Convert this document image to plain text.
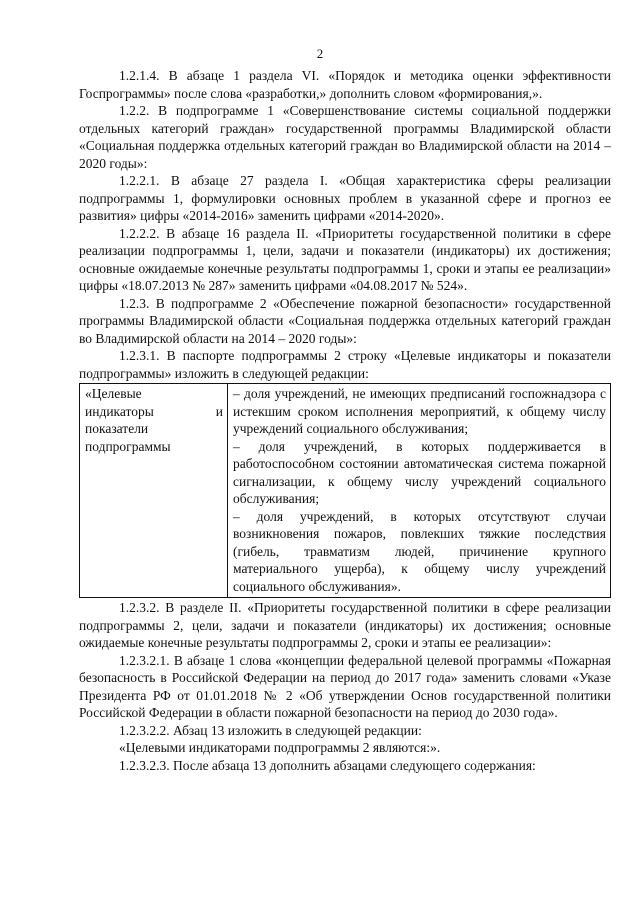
2

1.2.1.4. В абзаце 1 раздела VI. «Порядок и методика оценки эффективности Госпрограммы» после слова «разработки,» дополнить словом «формирования,».

1.2.2. В подпрограмме 1 «Совершенствование системы социальной поддержки отдельных категорий граждан» государственной программы Владимирской области «Социальная поддержка отдельных категорий граждан во Владимирской области на 2014 – 2020 годы»:

1.2.2.1. В абзаце 27 раздела I. «Общая характеристика сферы реализации подпрограммы 1, формулировки основных проблем в указанной сфере и прогноз ее развития» цифры «2014-2016» заменить цифрами «2014-2020».

1.2.2.2. В абзаце 16 раздела II. «Приоритеты государственной политики в сфере реализации подпрограммы 1, цели, задачи и показатели (индикаторы) их достижения; основные ожидаемые конечные результаты подпрограммы 1, сроки и этапы ее реализации» цифры «18.07.2013 № 287» заменить цифрами «04.08.2017 № 524».

1.2.3. В подпрограмме 2 «Обеспечение пожарной безопасности» государственной программы Владимирской области «Социальная поддержка отдельных категорий граждан во Владимирской области на 2014 – 2020 годы»:

1.2.3.1. В паспорте подпрограммы 2 строку «Целевые индикаторы и показатели подпрограммы» изложить в следующей редакции:

«Целевые
индикаторы	и
показатели
подпрограммы

– доля учреждений, не имеющих предписаний госпожнадзора с истекшим сроком исполнения мероприятий, к общему числу учреждений социального обслуживания;

– доля учреждений, в которых поддерживается в работоспособном состоянии автоматическая система пожарной сигнализации, к общему числу учреждений социального обслуживания;

– доля учреждений, в которых отсутствуют случаи возникновения пожаров, повлекших тяжкие последствия (гибель, травматизм людей, причинение крупного материального ущерба), к общему числу учреждений социального обслуживания».

1.2.3.2. В разделе II. «Приоритеты государственной политики в сфере реализации подпрограммы 2, цели, задачи и показатели (индикаторы) их достижения; основные ожидаемые конечные результаты подпрограммы 2, сроки и этапы ее реализации»:

1.2.3.2.1. В абзаце 1 слова «концепции федеральной целевой программы «Пожарная безопасность в Российской Федерации на период до 2017 года» заменить словами «Указе Президента РФ от 01.01.2018 № 2 «Об утверждении Основ государственной политики Российской Федерации в области пожарной безопасности на период до 2030 года».

1.2.3.2.2. Абзац 13 изложить в следующей редакции:

«Целевыми индикаторами подпрограммы 2 являются:».

1.2.3.2.3. После абзаца 13 дополнить абзацами следующего содержания:
